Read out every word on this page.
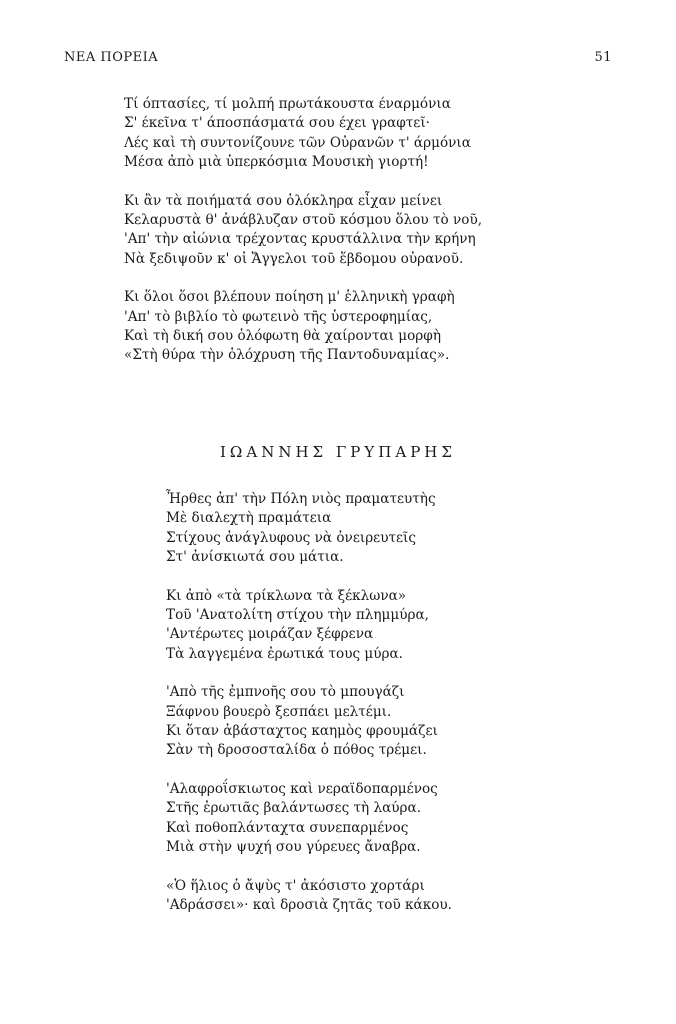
ΝΕΑ ΠΟΡΕΙΑ	51
Τί όπτασίες, τί μολπή πρωτάκουστα έναρμόνια
Σ' έκεῖνα τ' άποσπάσματά σου έχει γραφτεῖ·
Λές καὶ τὴ συντονίζουνε τῶν Οὐρανῶν τ' άρμόνια
Μέσα ἀπὸ μιὰ ὑπερκόσμια Μουσικὴ γιορτή!
Κι ἂν τὰ ποιήματά σου ὁλόκληρα εἶχαν μείνει
Κελαρυστὰ θ' ἀνάβλυζαν στοῦ κόσμου ὅλου τὸ νοῦ,
'Απ' τὴν αἰώνια τρέχοντας κρυστάλλινα τὴν κρήνη
Νὰ ξεδιψοῦν κ' οἱ Ἄγγελοι τοῦ ἕβδομου οὐρανοῦ.
Κι ὅλοι ὅσοι βλέπουν ποίηση μ' ἑλληνικὴ γραφὴ
'Απ' τὸ βιβλίο τὸ φωτεινὸ τῆς ὑστεροφημίας,
Καὶ τὴ δική σου ὁλόφωτη θὰ χαίρονται μορφὴ
«Στὴ θύρα τὴν ὁλόχρυση τῆς Παντοδυναμίας».
ΙΩΑΝΝΗΣ ΓΡΥΠΑΡΗΣ
Ἦρθες ἀπ' τὴν Πόλη νιὸς πραματευτὴς
Μὲ διαλεχτὴ πραμάτεια
Στίχους ἀνάγλυφους νὰ ὀνειρευτεῖς
Στ' ἀνίσκιωτά σου μάτια.
Κι ἀπὸ «τὰ τρίκλωνα τὰ ξέκλωνα»
Τοῦ 'Ανατολίτη στίχου τὴν πλημμύρα,
'Αντέρωτες μοιράζαν ξέφρενα
Τὰ λαγγεμένα ἐρωτικά τους μύρα.
'Απὸ τῆς ἐμπνοῆς σου τὸ μπουγάζι
Ξάφνου βουερὸ ξεσπάει μελτέμι.
Κι ὅταν ἀβάσταχτος καημὸς φρουμάζει
Σὰν τὴ δροσοσταλίδα ὁ πόθος τρέμει.
'Αλαφροΐσκιωτος καὶ νεραϊδοπαρμένος
Στῆς ἐρωτιᾶς βαλάντωσες τὴ λαύρα.
Καὶ ποθοπλάνταχτα συνεπαρμένος
Μιὰ στὴν ψυχή σου γύρευες ἄναβρα.
«Ὁ ἥλιος ὁ ἄψὺς τ' ἀκόσιστο χορτάρι
'Αδράσσει»· καὶ δροσιὰ ζητᾶς τοῦ κάκου.
